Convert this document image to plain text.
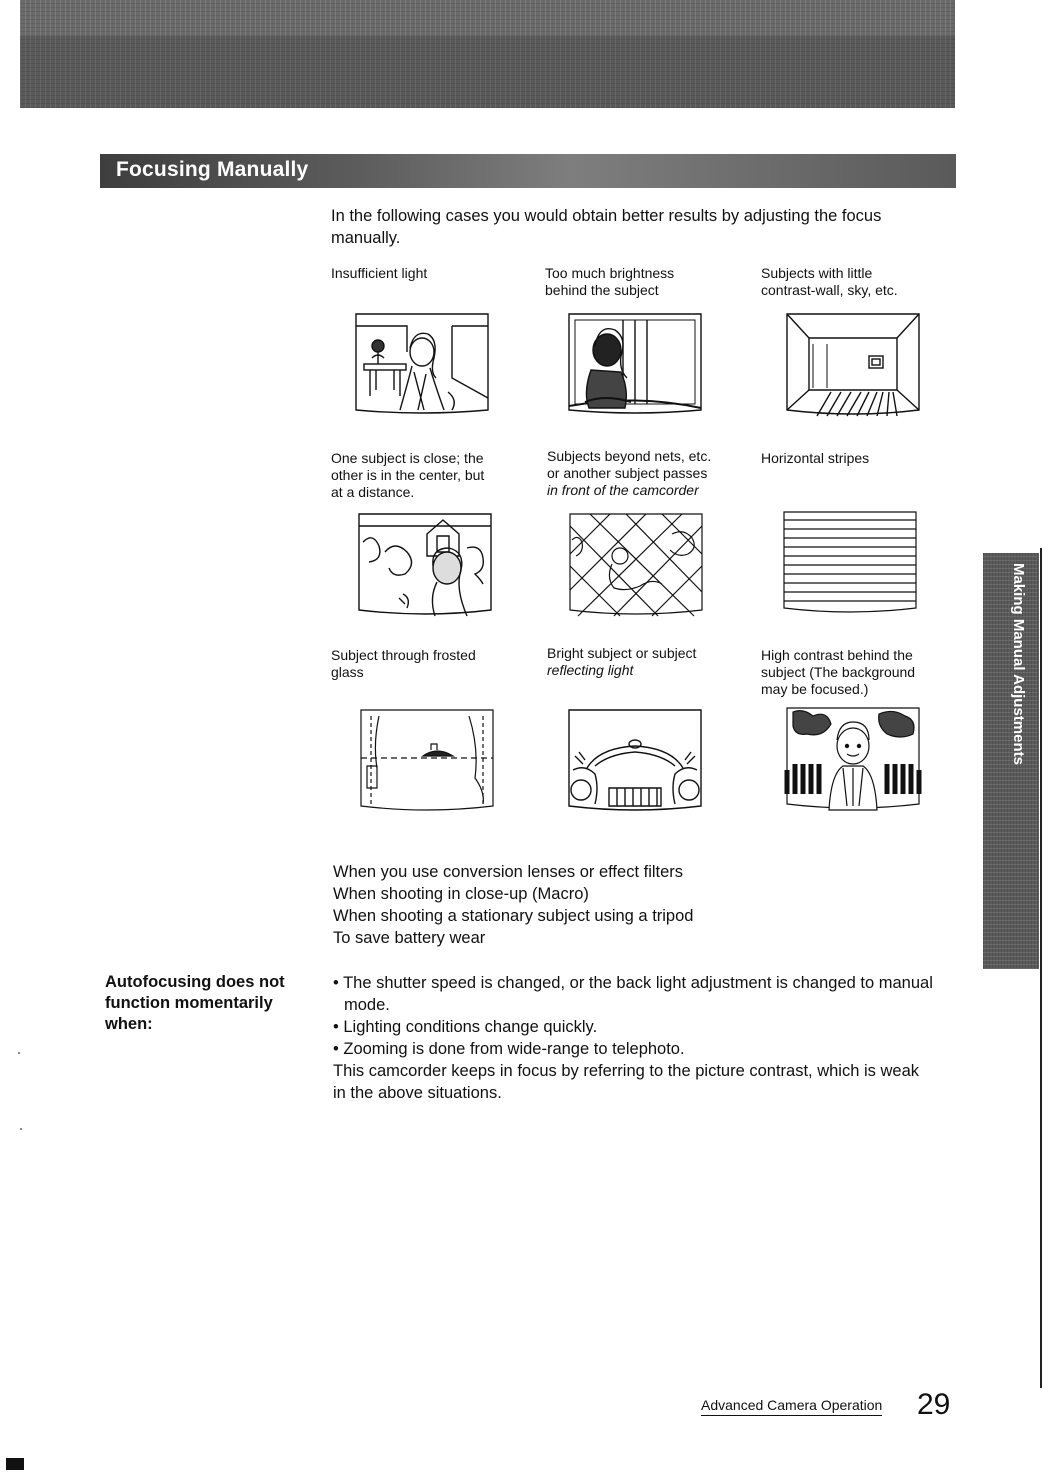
Focusing Manually
In the following cases you would obtain better results by adjusting the focus manually.
Insufficient light	Too much brightness
behind the subject
Subjects with little
contrast-wall, sky, etc.
One subject is close; the
other is in the center, but
at a distance.
Subjects beyond nets, etc.
or another subject passes
in front of the camcorder
Horizontal stripes
Subject through frosted
glass
Bright subject or subject
reflecting light
High contrast behind the
subject (The background
may be focused.)
When you use conversion lenses or effect filters
When shooting in close-up (Macro)
When shooting a stationary subject using a tripod
To save battery wear
Autofocusing does not function momentarily when:
• The shutter speed is changed, or the back light adjustment is changed to manual mode.
• Lighting conditions change quickly.
• Zooming is done from wide-range to telephoto.
This camcorder keeps in focus by referring to the picture contrast, which is weak in the above situations.
Making Manual Adjustments
Advanced Camera Operation 29
